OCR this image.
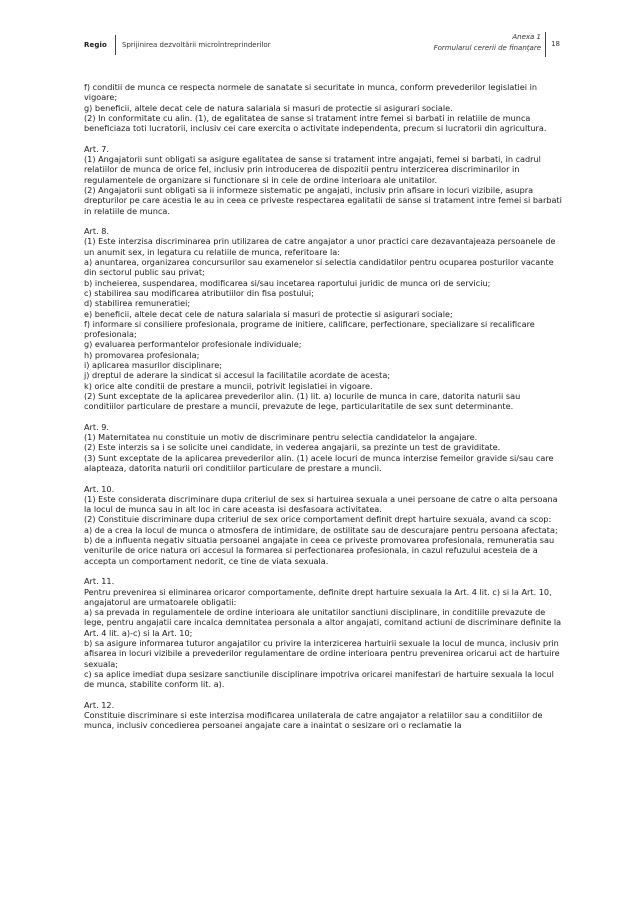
Regio Sprijinirea dezvoltării microîntreprinderilor
Anexa 1
Formularul cererii de finanţare 18

f) conditii de munca ce respecta normele de sanatate si securitate in munca, conform prevederilor legislatiei in vigoare;

g) beneficii, altele decat cele de natura salariala si masuri de protectie si asigurari sociale.

(2) In conformitate cu alin. (1), de egalitatea de sanse si tratament intre femei si barbati in relatiile de munca beneficiaza toti lucratorii, inclusiv cei care exercita o activitate independenta, precum si lucratorii din agricultura.

Art. 7.

(1) Angajatorii sunt obligati sa asigure egalitatea de sanse si tratament intre angajati, femei si barbati, in cadrul relatiilor de munca de orice fel, inclusiv prin introducerea de dispozitii pentru interzicerea discriminarilor in regulamentele de organizare si functionare si in cele de ordine interioara ale unitatilor.

(2) Angajatorii sunt obligati sa ii informeze sistematic pe angajati, inclusiv prin afisare in locuri vizibile, asupra drepturilor pe care acestia le au in ceea ce priveste respectarea egalitatii de sanse si tratament intre femei si barbati in relatiile de munca.

Art. 8.

(1) Este interzisa discriminarea prin utilizarea de catre angajator a unor practici care dezavantajeaza persoanele de un anumit sex, in legatura cu relatiile de munca, referitoare la:

a) anuntarea, organizarea concursurilor sau examenelor si selectia candidatilor pentru ocuparea posturilor vacante din sectorul public sau privat;

b) incheierea, suspendarea, modificarea si/sau incetarea raportului juridic de munca ori de serviciu;

c) stabilirea sau modificarea atributiilor din fisa postului;

d) stabilirea remuneratiei;

e) beneficii, altele decat cele de natura salariala si masuri de protectie si asigurari sociale;

f) informare si consiliere profesionala, programe de initiere, calificare, perfectionare, specializare si recalificare profesionala;

g) evaluarea performantelor profesionale individuale;

h) promovarea profesionala;

i) aplicarea masurilor disciplinare;

j) dreptul de aderare la sindicat si accesul la facilitatile acordate de acesta;

k) orice alte conditii de prestare a muncii, potrivit legislatiei in vigoare.

(2) Sunt exceptate de la aplicarea prevederilor alin. (1) lit. a) locurile de munca in care, datorita naturii sau conditiilor particulare de prestare a muncii, prevazute de lege, particularitatile de sex sunt determinante.

Art. 9.

(1) Maternitatea nu constituie un motiv de discriminare pentru selectia candidatelor la angajare.

(2) Este interzis sa i se solicite unei candidate, in vederea angajarii, sa prezinte un test de graviditate.

(3) Sunt exceptate de la aplicarea prevederilor alin. (1) acele locuri de munca interzise femeilor gravide si/sau care alapteaza, datorita naturii ori conditiilor particulare de prestare a muncii.

Art. 10.

(1) Este considerata discriminare dupa criteriul de sex si hartuirea sexuala a unei persoane de catre o alta persoana la locul de munca sau in alt loc in care aceasta isi desfasoara activitatea.

(2) Constituie discriminare dupa criteriul de sex orice comportament definit drept hartuire sexuala, avand ca scop:

a) de a crea la locul de munca o atmosfera de intimidare, de ostilitate sau de descurajare pentru persoana afectata;

b) de a influenta negativ situatia persoanei angajate in ceea ce priveste promovarea profesionala, remuneratia sau veniturile de orice natura ori accesul la formarea si perfectionarea profesionala, in cazul refuzului acesteia de a accepta un comportament nedorit, ce tine de viata sexuala.

Art. 11.

Pentru prevenirea si eliminarea oricaror comportamente, definite drept hartuire sexuala la Art. 4 lit. c) si la Art. 10, angajatorul are urmatoarele obligatii:

a) sa prevada in regulamentele de ordine interioara ale unitatilor sanctiuni disciplinare, in conditiile prevazute de lege, pentru angajatii care incalca demnitatea personala a altor angajati, comitand actiuni de discriminare definite la Art. 4 lit. a)-c) si la Art. 10;

b) sa asigure informarea tuturor angajatilor cu privire la interzicerea hartuirii sexuale la locul de munca, inclusiv prin afisarea in locuri vizibile a prevederilor regulamentare de ordine interioara pentru prevenirea oricarui act de hartuire sexuala;

c) sa aplice imediat dupa sesizare sanctiunile disciplinare impotriva oricarei manifestari de hartuire sexuala la locul de munca, stabilite conform lit. a).

Art. 12.

Constituie discriminare si este interzisa modificarea unilaterala de catre angajator a relatiilor sau a conditiilor de munca, inclusiv concedierea persoanei angajate care a inaintat o sesizare ori o reclamatie la
